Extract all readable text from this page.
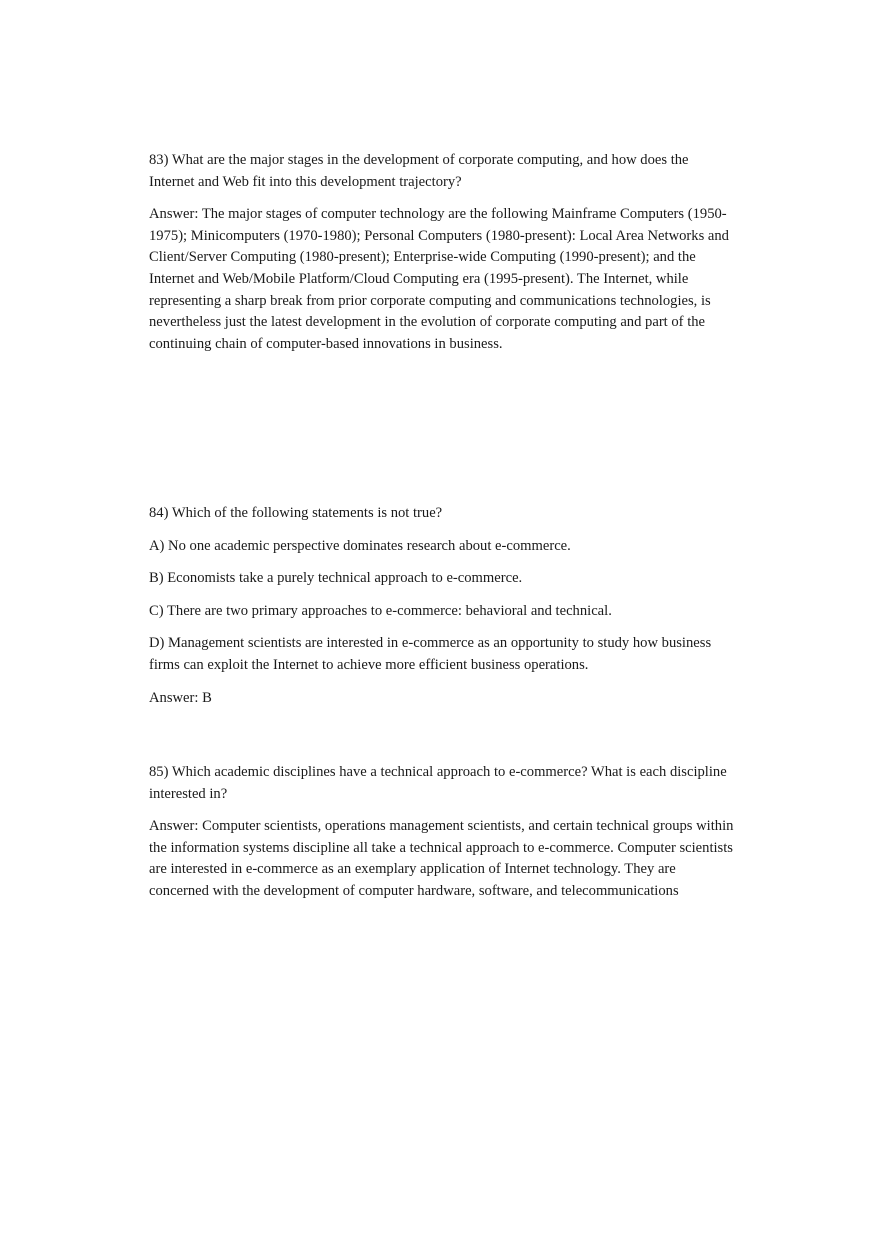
83) What are the major stages in the development of corporate computing, and how does the Internet and Web fit into this development trajectory?

Answer: The major stages of computer technology are the following Mainframe Computers (1950-1975); Minicomputers (1970-1980); Personal Computers (1980-present): Local Area Networks and Client/Server Computing (1980-present); Enterprise-wide Computing (1990-present); and the Internet and Web/Mobile Platform/Cloud Computing era (1995-present). The Internet, while representing a sharp break from prior corporate computing and communications technologies, is nevertheless just the latest development in the evolution of corporate computing and part of the continuing chain of computer-based innovations in business.

84) Which of the following statements is not true?

A) No one academic perspective dominates research about e-commerce.

B) Economists take a purely technical approach to e-commerce.

C) There are two primary approaches to e-commerce: behavioral and technical.

D) Management scientists are interested in e-commerce as an opportunity to study how business firms can exploit the Internet to achieve more efficient business operations.

Answer: B

85) Which academic disciplines have a technical approach to e-commerce? What is each discipline interested in?

Answer: Computer scientists, operations management scientists, and certain technical groups within the information systems discipline all take a technical approach to e-commerce. Computer scientists are interested in e-commerce as an exemplary application of Internet technology. They are concerned with the development of computer hardware, software, and telecommunications
